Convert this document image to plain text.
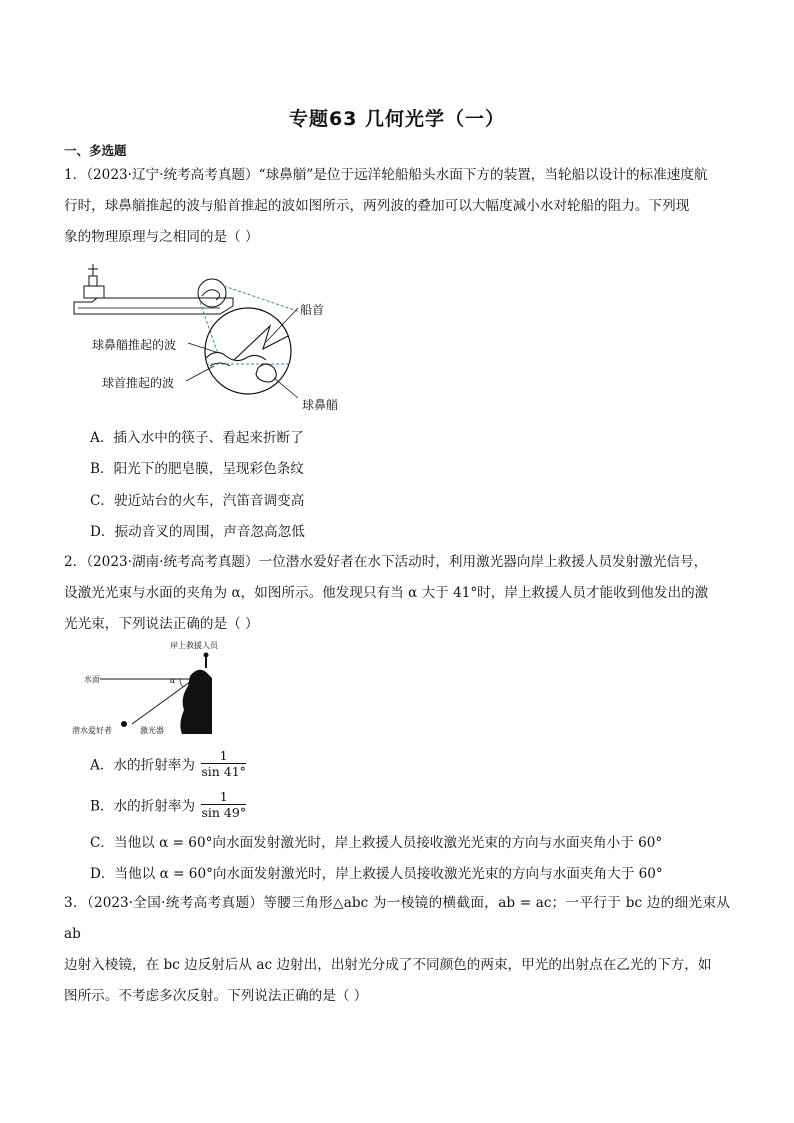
专题63 几何光学（一）
一、多选题
1．（2023·辽宁·统考高考真题）“球鼻艏”是位于远洋轮船船头水面下方的装置，当轮船以设计的标准速度航
行时，球鼻艏推起的波与船首推起的波如图所示，两列波的叠加可以大幅度减小水对轮船的阻力。下列现
象的物理原理与之相同的是（ ）
船首
球鼻艏推起的波
球首推起的波
球鼻艏
A．插入水中的筷子、看起来折断了
B．阳光下的肥皂膜，呈现彩色条纹
C．驶近站台的火车，汽笛音调变高
D．振动音叉的周围，声音忽高忽低
2．（2023·湖南·统考高考真题）一位潜水爱好者在水下活动时，利用激光器向岸上救援人员发射激光信号，
设激光光束与水面的夹角为 α，如图所示。他发现只有当 α 大于 41°时，岸上救援人员才能收到他发出的激
光光束，下列说法正确的是（ ）
岸上救援人员
水面	α
潜水爱好者	激光器
A．水的折射率为 $\frac{1}{\sin 41^\circ}$
B．水的折射率为 $\frac{1}{\sin 49^\circ}$
C．当他以 α = 60°向水面发射激光时，岸上救援人员接收激光光束的方向与水面夹角小于 60°
D．当他以 α = 60°向水面发射激光时，岸上救援人员接收激光光束的方向与水面夹角大于 60°
3．（2023·全国·统考高考真题）等腰三角形△abc 为一棱镜的横截面，ab = ac；一平行于 bc 边的细光束从 ab
边射入棱镜，在 bc 边反射后从 ac 边射出，出射光分成了不同颜色的两束，甲光的出射点在乙光的下方，如
图所示。不考虑多次反射。下列说法正确的是（ ）
